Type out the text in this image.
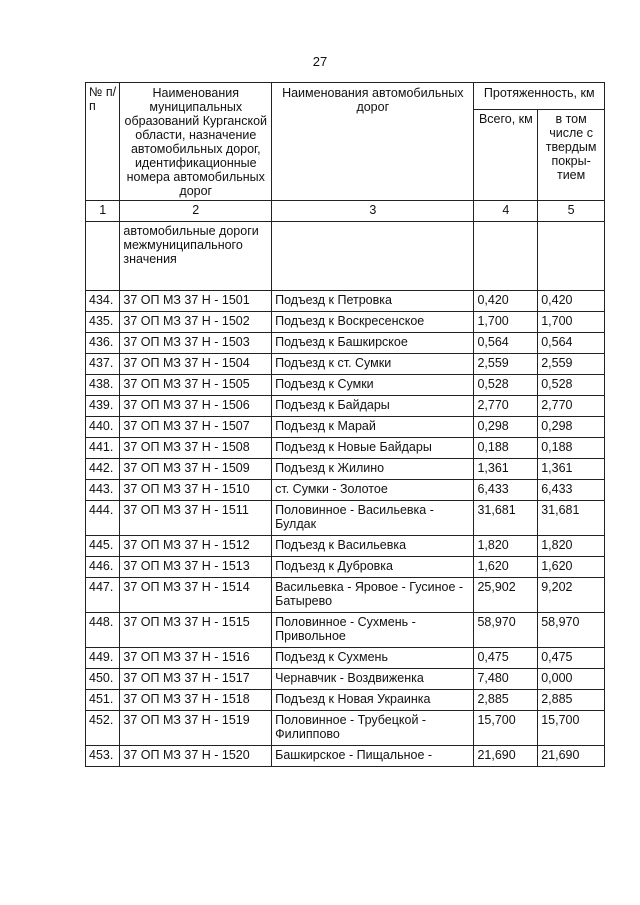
27
№ п/п	Наименования муниципальных образований Курганской области, назначение автомобильных дорог, идентификационные номера автомобильных дорог	Наименования автомобильных дорог	Протяженность, км	
			Всего, км	в том числе с твердым покры-тием
1	2	3	4	5
	автомобильные дороги межмуниципального значения			
434.	37 ОП МЗ 37 Н - 1501	Подъезд к Петровка	0,420	0,420
435.	37 ОП МЗ 37 Н - 1502	Подъезд к Воскресенское	1,700	1,700
436.	37 ОП МЗ 37 Н - 1503	Подъезд к Башкирское	0,564	0,564
437.	37 ОП МЗ 37 Н - 1504	Подъезд к ст. Сумки	2,559	2,559
438.	37 ОП МЗ 37 Н - 1505	Подъезд к Сумки	0,528	0,528
439.	37 ОП МЗ 37 Н - 1506	Подъезд к Байдары	2,770	2,770
440.	37 ОП МЗ 37 Н - 1507	Подъезд к Марай	0,298	0,298
441.	37 ОП МЗ 37 Н - 1508	Подъезд к Новые Байдары	0,188	0,188
442.	37 ОП МЗ 37 Н - 1509	Подъезд к Жилино	1,361	1,361
443.	37 ОП МЗ 37 Н - 1510	ст. Сумки - Золотое	6,433	6,433
444.	37 ОП МЗ 37 Н - 1511	Половинное - Васильевка - Булдак	31,681	31,681
445.	37 ОП МЗ 37 Н - 1512	Подъезд к Васильевка	1,820	1,820
446.	37 ОП МЗ 37 Н - 1513	Подъезд к Дубровка	1,620	1,620
447.	37 ОП МЗ 37 Н - 1514	Васильевка - Яровое - Гусиное - Батырево	25,902	9,202
448.	37 ОП МЗ 37 Н - 1515	Половинное - Сухмень - Привольное	58,970	58,970
449.	37 ОП МЗ 37 Н - 1516	Подъезд к Сухмень	0,475	0,475
450.	37 ОП МЗ 37 Н - 1517	Чернавчик - Воздвиженка	7,480	0,000
451.	37 ОП МЗ 37 Н - 1518	Подъезд к Новая Украинка	2,885	2,885
452.	37 ОП МЗ 37 Н - 1519	Половинное - Трубецкой - Филиппово	15,700	15,700
453.	37 ОП МЗ 37 Н - 1520	Башкирское - Пищальное -	21,690	21,690
